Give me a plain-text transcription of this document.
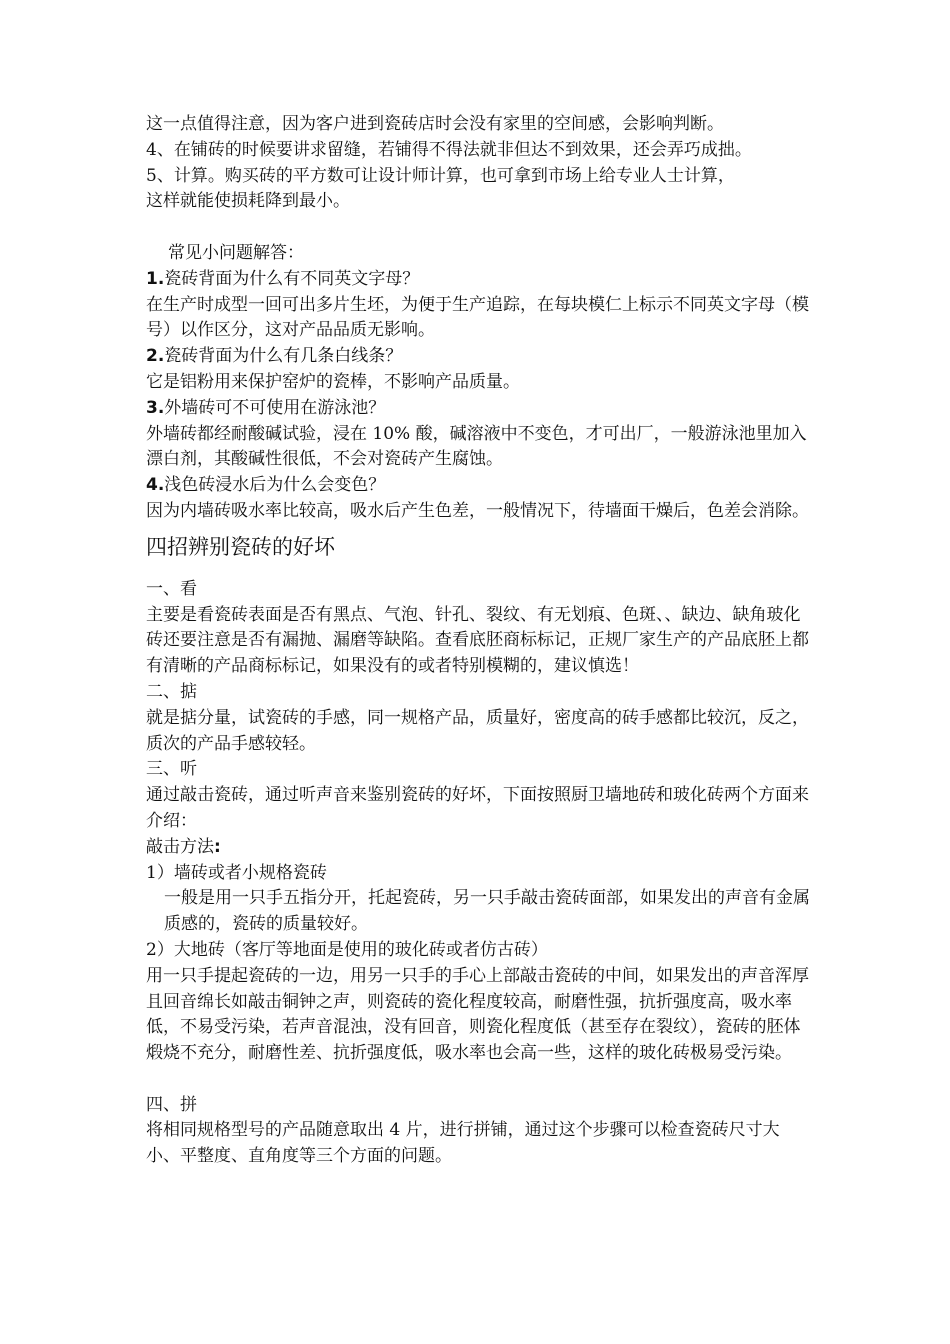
这一点值得注意，因为客户进到瓷砖店时会没有家里的空间感，会影响判断。
4、在铺砖的时候要讲求留缝，若铺得不得法就非但达不到效果，还会弄巧成拙。
5、计算。购买砖的平方数可让设计师计算，也可拿到市场上给专业人士计算，
这样就能使损耗降到最小。
常见小问题解答：
1.瓷砖背面为什么有不同英文字母？
在生产时成型一回可出多片生坯，为便于生产追踪，在每块模仁上标示不同英文字母（模号）以作区分，这对产品品质无影响。
2.瓷砖背面为什么有几条白线条？
它是铝粉用来保护窑炉的瓷棒，不影响产品质量。
3.外墙砖可不可使用在游泳池？
外墙砖都经耐酸碱试验，浸在 10% 酸，碱溶液中不变色，才可出厂，一般游泳池里加入漂白剂，其酸碱性很低，不会对瓷砖产生腐蚀。
4.浅色砖浸水后为什么会变色？
因为内墙砖吸水率比较高，吸水后产生色差，一般情况下，待墙面干燥后，色差会消除。
四招辨别瓷砖的好坏
一、看
主要是看瓷砖表面是否有黑点、气泡、针孔、裂纹、有无划痕、色斑、、缺边、缺角玻化砖还要注意是否有漏抛、漏磨等缺陷。查看底胚商标标记，正规厂家生产的产品底胚上都有清晰的产品商标标记，如果没有的或者特别模糊的，建议慎选！
二、掂
就是掂分量，试瓷砖的手感，同一规格产品，质量好，密度高的砖手感都比较沉，反之，质次的产品手感较轻。
三、听
通过敲击瓷砖，通过听声音来鉴别瓷砖的好坏，下面按照厨卫墙地砖和玻化砖两个方面来介绍：
敲击方法:
1）墙砖或者小规格瓷砖
一般是用一只手五指分开，托起瓷砖，另一只手敲击瓷砖面部，如果发出的声音有金属质感的，瓷砖的质量较好。
2）大地砖（客厅等地面是使用的玻化砖或者仿古砖）
用一只手提起瓷砖的一边，用另一只手的手心上部敲击瓷砖的中间，如果发出的声音浑厚且回音绵长如敲击铜钟之声，则瓷砖的瓷化程度较高，耐磨性强，抗折强度高，吸水率低，不易受污染，若声音混浊，没有回音，则瓷化程度低（甚至存在裂纹），瓷砖的胚体煅烧不充分，耐磨性差、抗折强度低，吸水率也会高一些，这样的玻化砖极易受污染。
四、拼
将相同规格型号的产品随意取出 4 片，进行拼铺，通过这个步骤可以检查瓷砖尺寸大小、平整度、直角度等三个方面的问题。
